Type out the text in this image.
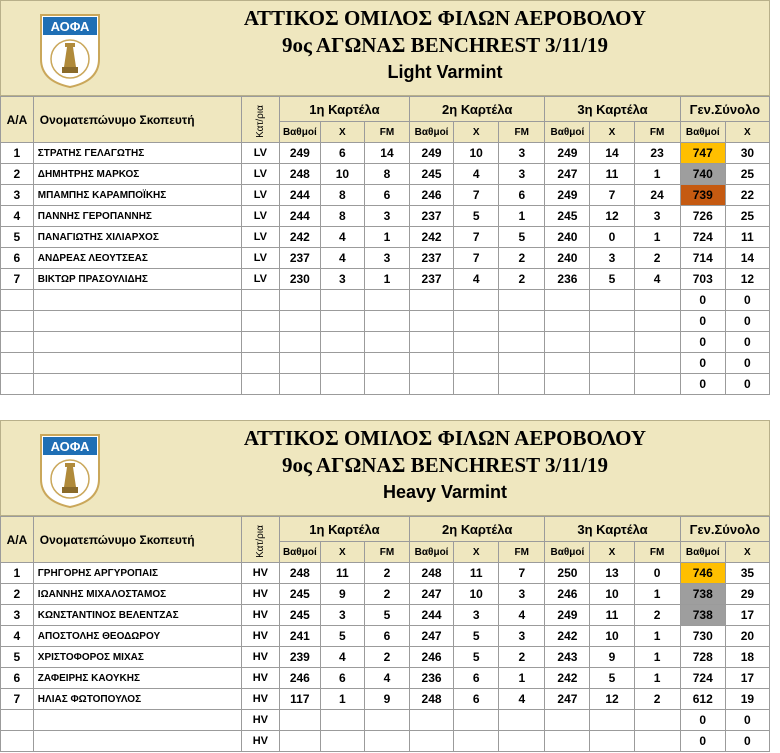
ΑΟΦΑ	ΑΤΤΙΚΟΣ ΟΜΙΛΟΣ ΦΙΛΩΝ ΑΕΡΟΒΟΛΟΥ
9ος ΑΓΩΝΑΣ BENCHREST 3/11/19
Light Varmint
Α/Α	Ονοματεπώνυμο Σκοπευτή	Κατ/ρια	1η Καρτέλα			2η Καρτέλα			3η Καρτέλα			Γεν.Σύνολο	
			Βαθμοί	X	FM	Βαθμοί	X	FM	Βαθμοί	X	FM	Βαθμοί	X
1	ΣΤΡΑΤΗΣ ΓΕΛΑΓΩΤΗΣ	LV	249	6	14	249	10	3	249	14	23	747	30
2	ΔΗΜΗΤΡΗΣ ΜΑΡΚΟΣ	LV	248	10	8	245	4	3	247	11	1	740	25
3	ΜΠΑΜΠΗΣ ΚΑΡΑΜΠΟΪΚΗΣ	LV	244	8	6	246	7	6	249	7	24	739	22
4	ΠΑΝΝΗΣ ΓΕΡΟΠΑΝΝΗΣ	LV	244	8	3	237	5	1	245	12	3	726	25
5	ΠΑΝΑΓΙΩΤΗΣ ΧΙΛΙΑΡΧΟΣ	LV	242	4	1	242	7	5	240	0	1	724	11
6	ΑΝΔΡΕΑΣ ΛΕΟΥΤΣΕΑΣ	LV	237	4	3	237	7	2	240	3	2	714	14
7	ΒΙΚΤΩΡ ΠΡΑΣΟΥΛΙΔΗΣ	LV	230	3	1	237	4	2	236	5	4	703	12
												0	0
												0	0
												0	0
												0	0
												0	0
ΑΟΦΑ	ΑΤΤΙΚΟΣ ΟΜΙΛΟΣ ΦΙΛΩΝ ΑΕΡΟΒΟΛΟΥ
9ος ΑΓΩΝΑΣ BENCHREST 3/11/19
Heavy Varmint
Α/Α	Ονοματεπώνυμο Σκοπευτή	Κατ/ρια	1η Καρτέλα			2η Καρτέλα			3η Καρτέλα			Γεν.Σύνολο	
			Βαθμοί	X	FM	Βαθμοί	X	FM	Βαθμοί	X	FM	Βαθμοί	X
1	ΓΡΗΓΟΡΗΣ ΑΡΓΥΡΟΠΑΙΣ	HV	248	11	2	248	11	7	250	13	0	746	35
2	ΙΩΑΝΝΗΣ ΜΙΧΑΛΟΣΤΑΜΟΣ	HV	245	9	2	247	10	3	246	10	1	738	29
3	ΚΩΝΣΤΑΝΤΙΝΟΣ ΒΕΛΕΝΤΖΑΣ	HV	245	3	5	244	3	4	249	11	2	738	17
4	ΑΠΟΣΤΟΛΗΣ ΘΕΟΔΩΡΟΥ	HV	241	5	6	247	5	3	242	10	1	730	20
5	ΧΡΙΣΤΟΦΟΡΟΣ ΜΙΧΑΣ	HV	239	4	2	246	5	2	243	9	1	728	18
6	ΖΑΦΕΙΡΗΣ ΚΑΟΥΚΗΣ	HV	246	6	4	236	6	1	242	5	1	724	17
7	ΗΛΙΑΣ ΦΩΤΟΠΟΥΛΟΣ	HV	117	1	9	248	6	4	247	12	2	612	19
		HV										0	0
		HV										0	0
